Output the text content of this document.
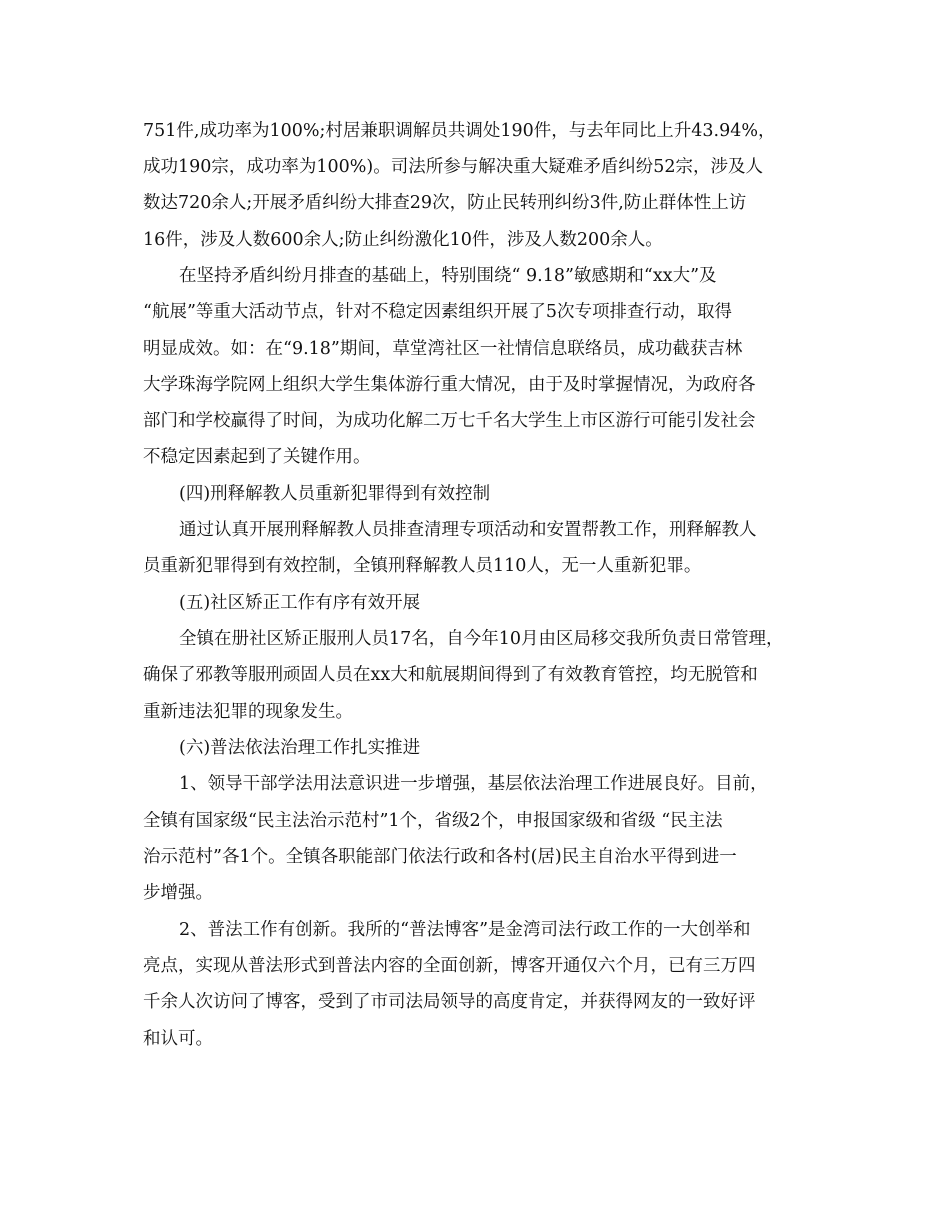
751件,成功率为100%;村居兼职调解员共调处190件，与去年同比上升43.94%，
成功190宗，成功率为100%)。司法所参与解决重大疑难矛盾纠纷52宗，涉及人
数达720余人;开展矛盾纠纷大排查29次，防止民转刑纠纷3件,防止群体性上访
16件，涉及人数600余人;防止纠纷激化10件，涉及人数200余人。
在坚持矛盾纠纷月排查的基础上，特别围绕“ 9.18”敏感期和“xx大”及
“航展”等重大活动节点，针对不稳定因素组织开展了5次专项排查行动，取得
明显成效。如：在“9.18”期间，草堂湾社区一社情信息联络员，成功截获吉林
大学珠海学院网上组织大学生集体游行重大情况，由于及时掌握情况，为政府各
部门和学校赢得了时间，为成功化解二万七千名大学生上市区游行可能引发社会
不稳定因素起到了关键作用。
(四)刑释解教人员重新犯罪得到有效控制
通过认真开展刑释解教人员排查清理专项活动和安置帮教工作，刑释解教人
员重新犯罪得到有效控制，全镇刑释解教人员110人，无一人重新犯罪。
(五)社区矫正工作有序有效开展
全镇在册社区矫正服刑人员17名，自今年10月由区局移交我所负责日常管理，
确保了邪教等服刑顽固人员在xx大和航展期间得到了有效教育管控，均无脱管和
重新违法犯罪的现象发生。
(六)普法依法治理工作扎实推进
1、领导干部学法用法意识进一步增强，基层依法治理工作进展良好。目前，
全镇有国家级“民主法治示范村”1个，省级2个，申报国家级和省级 “民主法
治示范村”各1个。全镇各职能部门依法行政和各村(居)民主自治水平得到进一
步增强。
2、普法工作有创新。我所的“普法博客”是金湾司法行政工作的一大创举和
亮点，实现从普法形式到普法内容的全面创新，博客开通仅六个月，已有三万四
千余人次访问了博客，受到了市司法局领导的高度肯定，并获得网友的一致好评
和认可。
